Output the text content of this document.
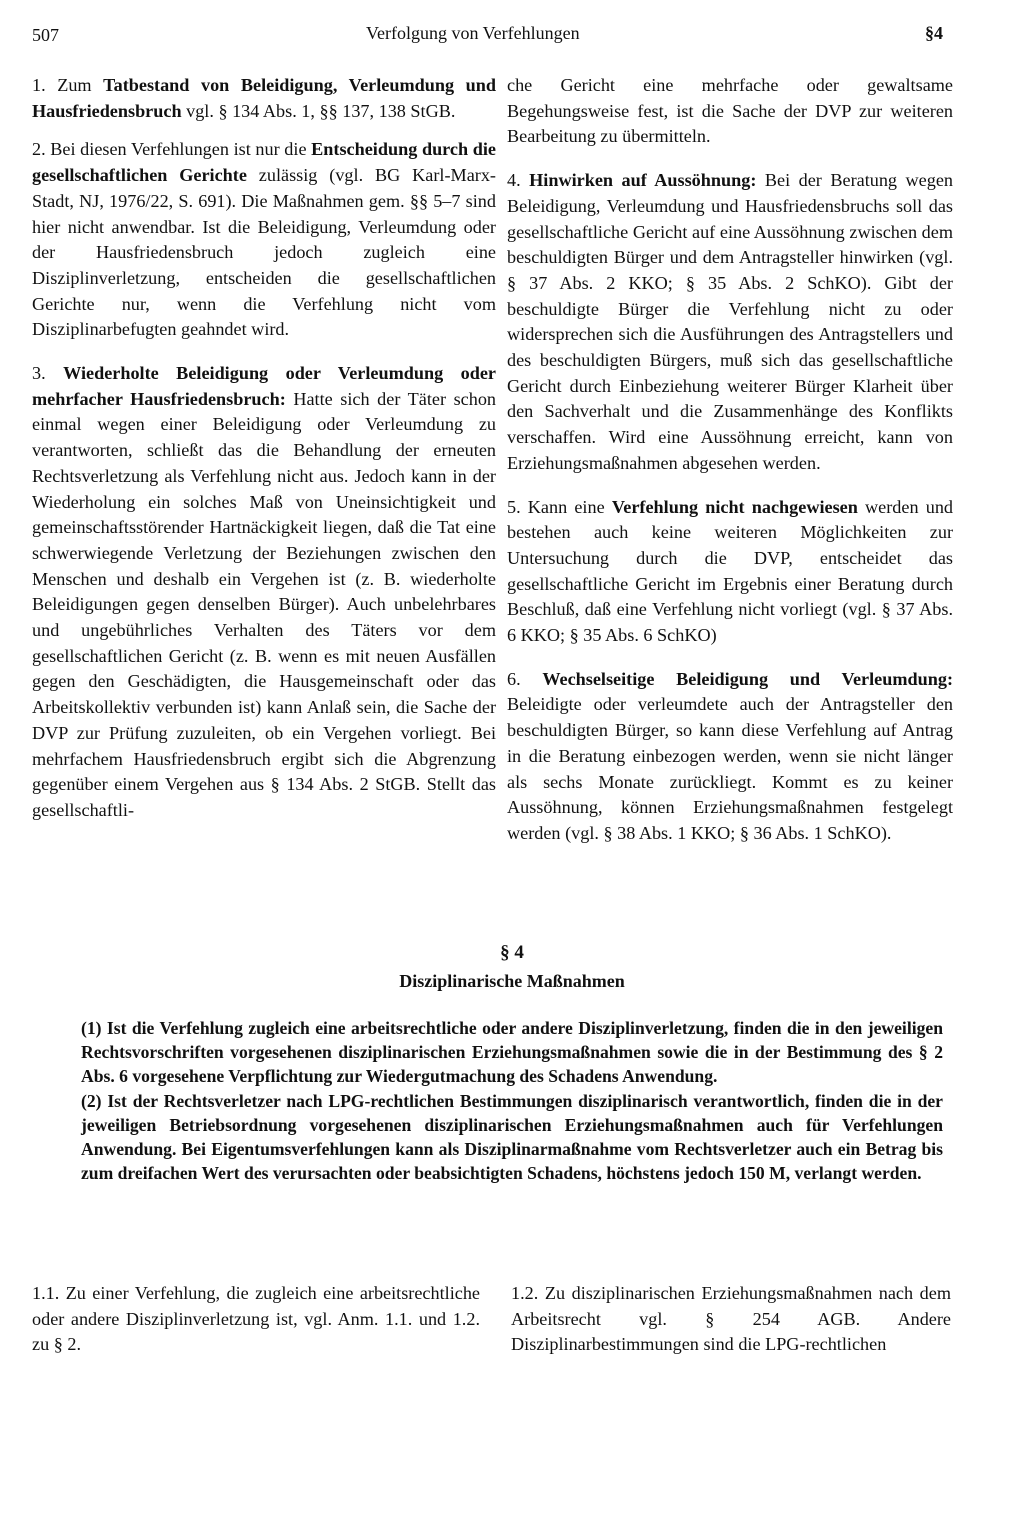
507	Verfolgung von Verfehlungen	§4

1. Zum Tatbestand von Beleidigung, Verleumdung und Hausfriedensbruch vgl. § 134 Abs. 1, §§ 137, 138 StGB.

2. Bei diesen Verfehlungen ist nur die Entscheidung durch die gesellschaftlichen Gerichte zulässig (vgl. BG Karl-Marx-Stadt, NJ, 1976/22, S. 691). Die Maßnahmen gem. §§ 5–7 sind hier nicht anwendbar. Ist die Beleidigung, Verleumdung oder der Hausfriedensbruch jedoch zugleich eine Disziplinverletzung, entscheiden die gesellschaftlichen Gerichte nur, wenn die Verfehlung nicht vom Disziplinarbefugten geahndet wird.

3. Wiederholte Beleidigung oder Verleumdung oder mehrfacher Hausfriedensbruch: Hatte sich der Täter schon einmal wegen einer Beleidigung oder Verleumdung zu verantworten, schließt das die Behandlung der erneuten Rechtsverletzung als Verfehlung nicht aus. Jedoch kann in der Wiederholung ein solches Maß von Uneinsichtigkeit und gemeinschaftsstörender Hartnäckigkeit liegen, daß die Tat eine schwerwiegende Verletzung der Beziehungen zwischen den Menschen und deshalb ein Vergehen ist (z. B. wiederholte Beleidigungen gegen denselben Bürger). Auch unbelehrbares und ungebührliches Verhalten des Täters vor dem gesellschaftlichen Gericht (z. B. wenn es mit neuen Ausfällen gegen den Geschädigten, die Hausgemeinschaft oder das Arbeitskollektiv verbunden ist) kann Anlaß sein, die Sache der DVP zur Prüfung zuzuleiten, ob ein Vergehen vorliegt. Bei mehrfachem Hausfriedensbruch ergibt sich die Abgrenzung gegenüber einem Vergehen aus § 134 Abs. 2 StGB. Stellt das gesellschaftli-

che Gericht eine mehrfache oder gewaltsame Begehungsweise fest, ist die Sache der DVP zur weiteren Bearbeitung zu übermitteln.

4. Hinwirken auf Aussöhnung: Bei der Beratung wegen Beleidigung, Verleumdung und Hausfriedensbruchs soll das gesellschaftliche Gericht auf eine Aussöhnung zwischen dem beschuldigten Bürger und dem Antragsteller hinwirken (vgl. § 37 Abs. 2 KKO; § 35 Abs. 2 SchKO). Gibt der beschuldigte Bürger die Verfehlung nicht zu oder widersprechen sich die Ausführungen des Antragstellers und des beschuldigten Bürgers, muß sich das gesellschaftliche Gericht durch Einbeziehung weiterer Bürger Klarheit über den Sachverhalt und die Zusammenhänge des Konflikts verschaffen. Wird eine Aussöhnung erreicht, kann von Erziehungsmaßnahmen abgesehen werden.

5. Kann eine Verfehlung nicht nachgewiesen werden und bestehen auch keine weiteren Möglichkeiten zur Untersuchung durch die DVP, entscheidet das gesellschaftliche Gericht im Ergebnis einer Beratung durch Beschluß, daß eine Verfehlung nicht vorliegt (vgl. § 37 Abs. 6 KKO; § 35 Abs. 6 SchKO)

6. Wechselseitige Beleidigung und Verleumdung: Beleidigte oder verleumdete auch der Antragsteller den beschuldigten Bürger, so kann diese Verfehlung auf Antrag in die Beratung einbezogen werden, wenn sie nicht länger als sechs Monate zurückliegt. Kommt es zu keiner Aussöhnung, können Erziehungsmaßnahmen festgelegt werden (vgl. § 38 Abs. 1 KKO; § 36 Abs. 1 SchKO).

§ 4
Disziplinarische Maßnahmen

(1) Ist die Verfehlung zugleich eine arbeitsrechtliche oder andere Disziplinverletzung, finden die in den jeweiligen Rechtsvorschriften vorgesehenen disziplinarischen Erziehungsmaßnahmen sowie die in der Bestimmung des § 2 Abs. 6 vorgesehene Verpflichtung zur Wiedergutmachung des Schadens Anwendung.

(2) Ist der Rechtsverletzer nach LPG-rechtlichen Bestimmungen disziplinarisch verantwortlich, finden die in der jeweiligen Betriebsordnung vorgesehenen disziplinarischen Erziehungsmaßnahmen auch für Verfehlungen Anwendung. Bei Eigentumsverfehlungen kann als Disziplinarmaßnahme vom Rechtsverletzer auch ein Betrag bis zum dreifachen Wert des verursachten oder beabsichtigten Schadens, höchstens jedoch 150 M, verlangt werden.

1.1. Zu einer Verfehlung, die zugleich eine arbeitsrechtliche oder andere Disziplinverletzung ist, vgl. Anm. 1.1. und 1.2. zu § 2.

1.2. Zu disziplinarischen Erziehungsmaßnahmen nach dem Arbeitsrecht vgl. § 254 AGB. Andere Disziplinarbestimmungen sind die LPG-rechtlichen
